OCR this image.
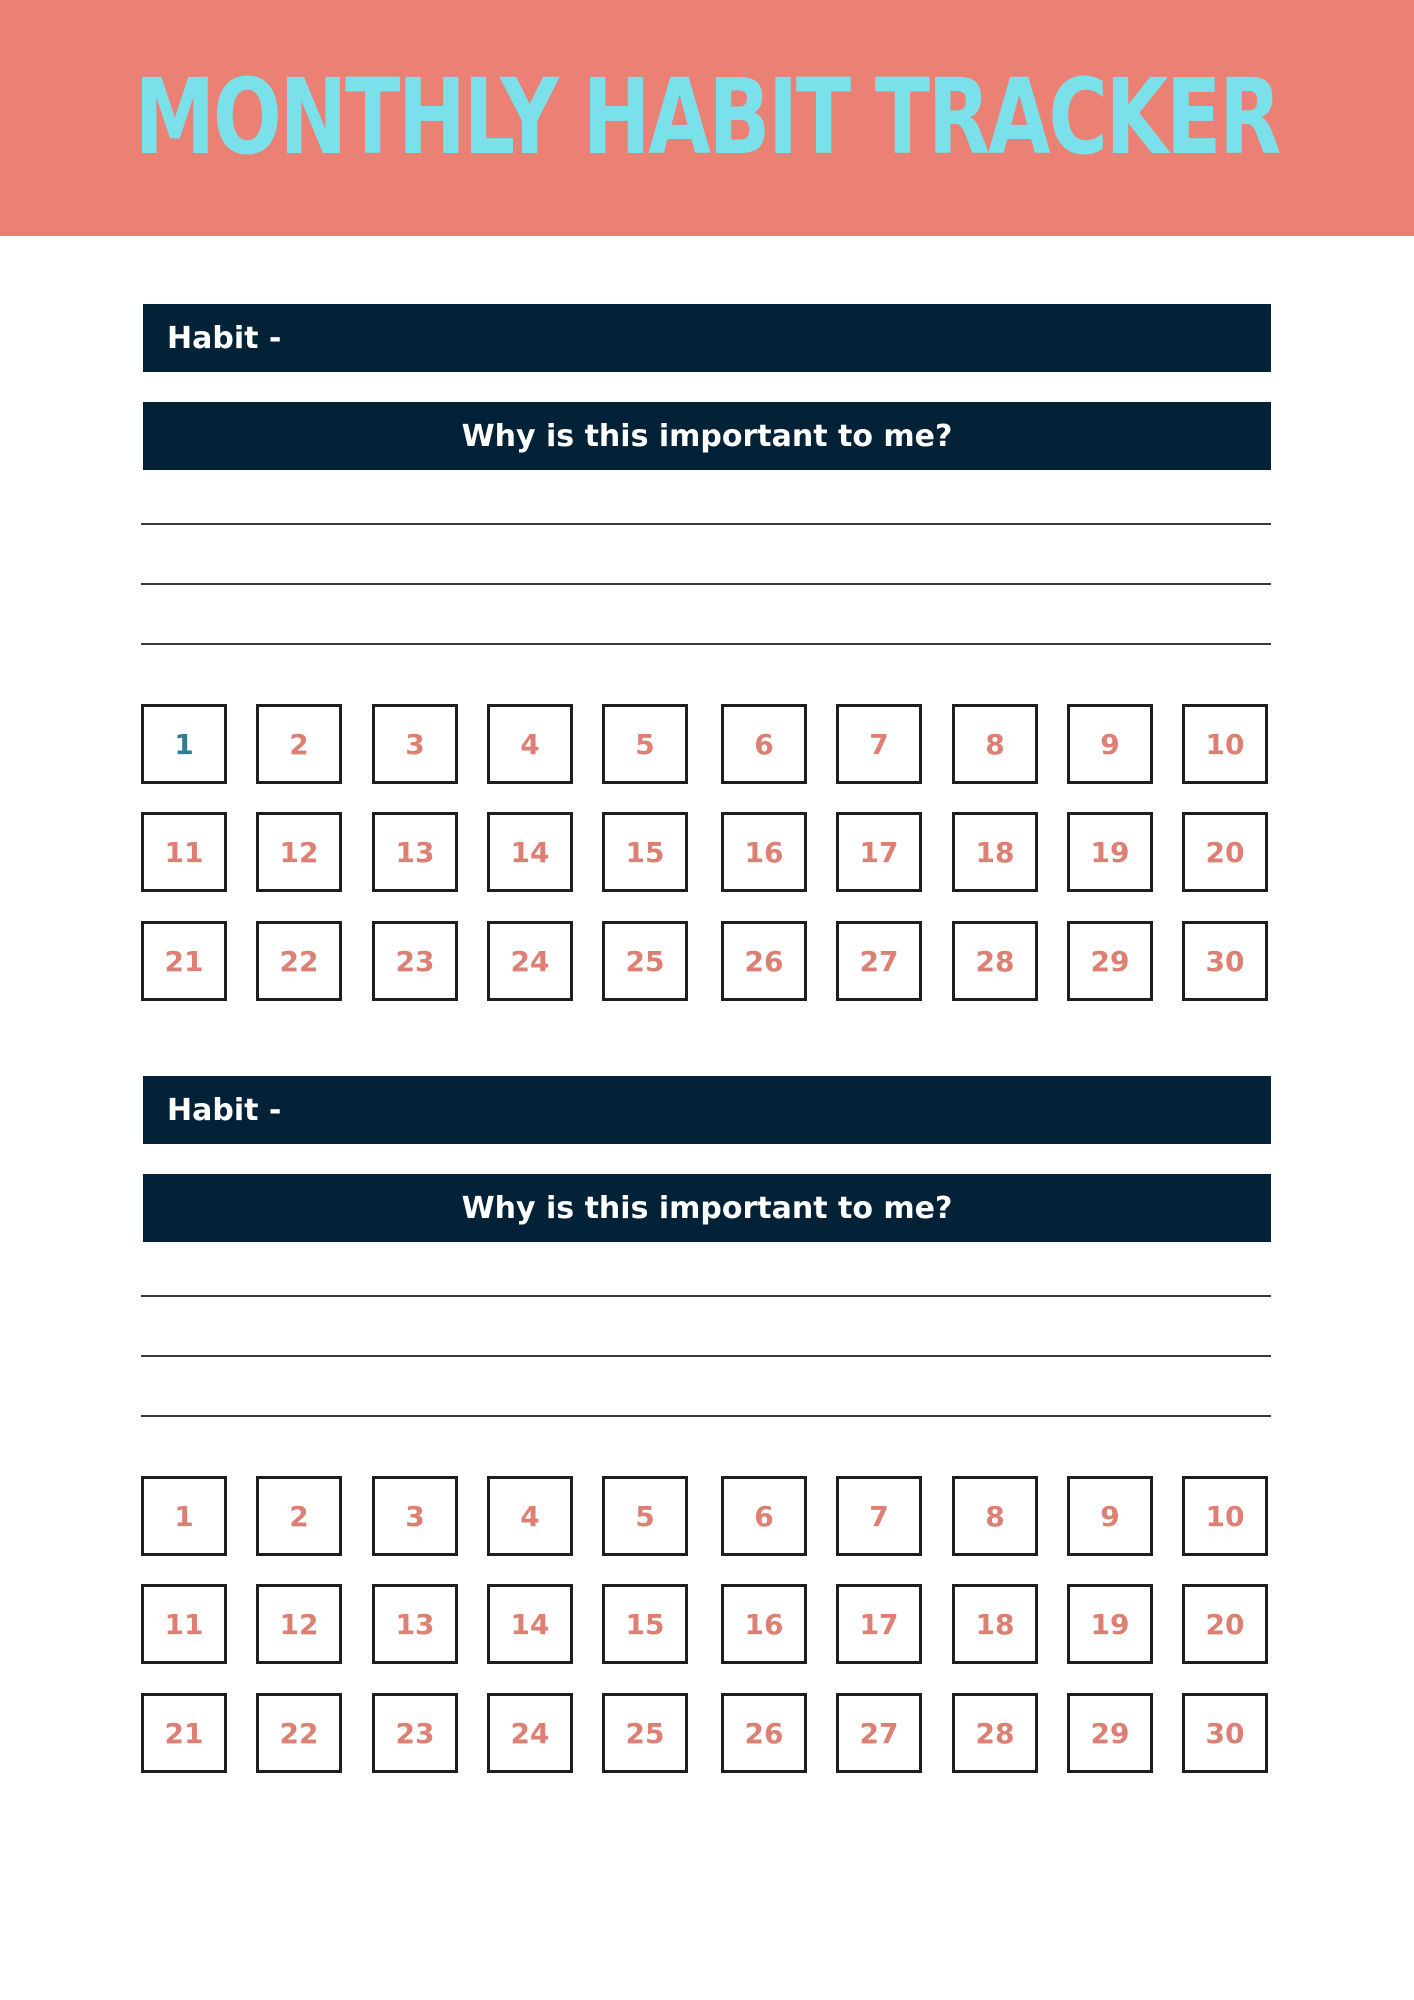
MONTHLY HABIT TRACKER
Habit -
Why is this important to me?
1	2	3	4	5	6	7	8	9	10
11	12	13	14	15	16	17	18	19	20
21	22	23	24	25	26	27	28	29	30
Habit -
Why is this important to me?
1	2	3	4	5	6	7	8	9	10
11	12	13	14	15	16	17	18	19	20
21	22	23	24	25	26	27	28	29	30
